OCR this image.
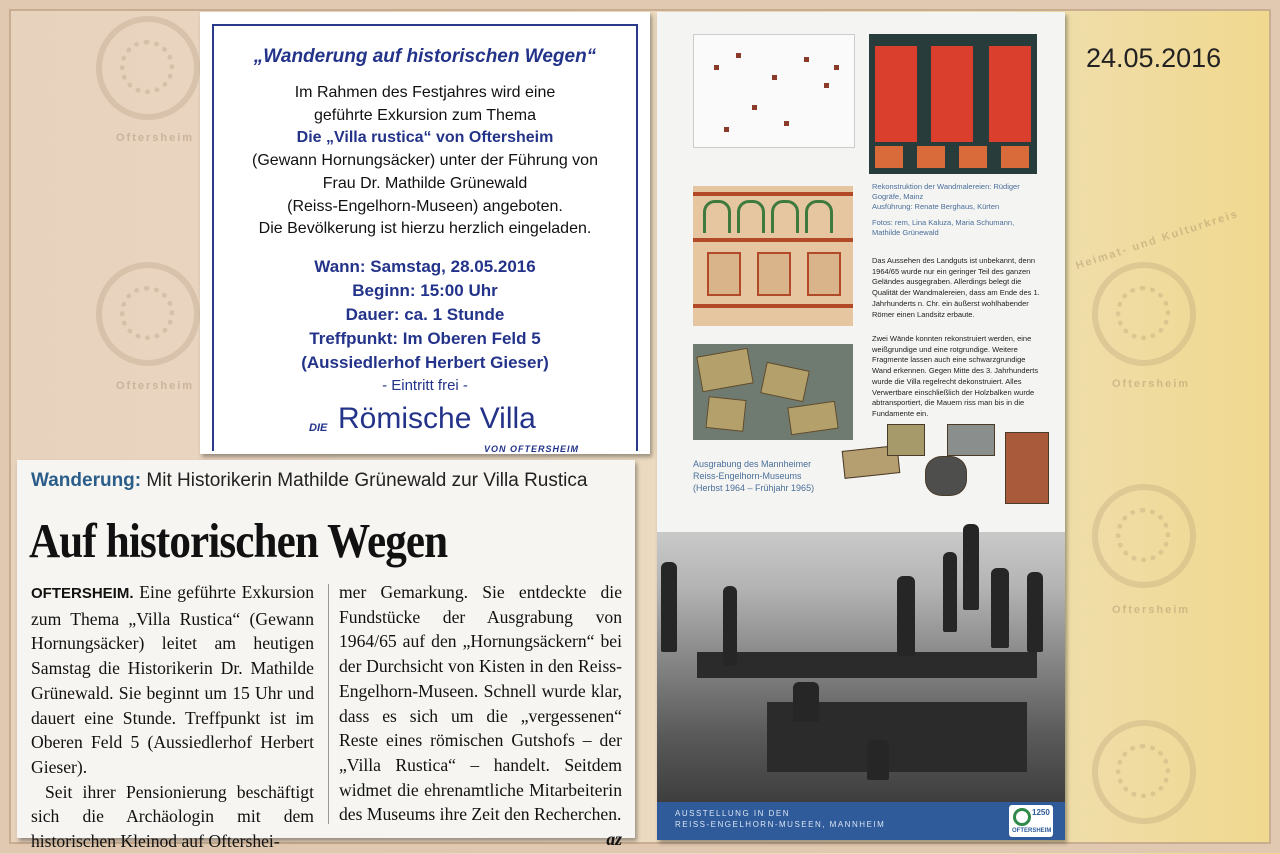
Oftersheim
Oftersheim	Oftersheim
Oftersheim
Heimat- und Kulturkreis
24.05.2016
„Wanderung auf historischen Wegen“

Im Rahmen des Festjahres wird eine

geführte Exkursion zum Thema

Die „Villa rustica“ von Oftersheim

(Gewann Hornungsäcker) unter der Führung von

Frau Dr. Mathilde Grünewald

(Reiss-Engelhorn-Museen) angeboten.

Die Bevölkerung ist hierzu herzlich eingeladen.

Wann: Samstag, 28.05.2016

Beginn: 15:00 Uhr

Dauer: ca. 1 Stunde

Treffpunkt: Im Oberen Feld 5

(Aussiedlerhof Herbert Gieser)

- Eintritt frei -

DIE Römische Villa
VON OFTERSHEIM
Wanderung: Mit Historikerin Mathilde Grünewald zur Villa Rustica
Auf historischen Wegen

OFTERSHEIM. Eine geführte Exkursion zum Thema „Villa Rustica“ (Gewann Hornungsäcker) leitet am heutigen Samstag die Historikerin Dr. Mathilde Grünewald. Sie beginnt um 15 Uhr und dauert eine Stunde. Treffpunkt ist im Oberen Feld 5 (Aussiedlerhof Herbert Gieser).

Seit ihrer Pensionierung beschäftigt sich die Archäologin mit dem historischen Kleinod auf Oftershei-

mer Gemarkung. Sie entdeckte die Fundstücke der Ausgrabung von 1964/65 auf den „Hornungsäckern“ bei der Durchsicht von Kisten in den Reiss-Engelhorn-Museen. Schnell wurde klar, dass es sich um die „vergessenen“ Reste eines römischen Gutshofs – der „Villa Rustica“ – handelt. Seitdem widmet die ehrenamtliche Mitarbeiterin des Museums ihre Zeit den Recherchen.
az

Rekonstruktion der Wandmalereien: Rüdiger Gogräfe, Mainz
Ausführung: Renate Berghaus, Kürten
Fotos: rem, Lina Kaluza, Maria Schumann, Mathilde Grünewald
Das Aussehen des Landguts ist unbekannt, denn 1964/65 wurde nur ein geringer Teil des ganzen Geländes ausgegraben. Allerdings belegt die Qualität der Wandmalereien, dass am Ende des 1. Jahrhunderts n. Chr. ein äußerst wohlhabender Römer einen Landsitz erbaute.
Zwei Wände konnten rekonstruiert werden, eine weißgrundige und eine rotgrundige. Weitere Fragmente lassen auch eine schwarzgrundige Wand erkennen. Gegen Mitte des 3. Jahrhunderts wurde die Villa regelrecht dekonstruiert. Alles Verwertbare einschließlich der Holzbalken wurde abtransportiert, die Mauern riss man bis in die Fundamente ein.
Ausgrabung des Mannheimer
Reiss-Engelhorn-Museums
(Herbst 1964 – Frühjahr 1965)
AUSSTELLUNG IN DEN
REISS-ENGELHORN-MUSEEN, MANNHEIM
1250
OFTERSHEIM
